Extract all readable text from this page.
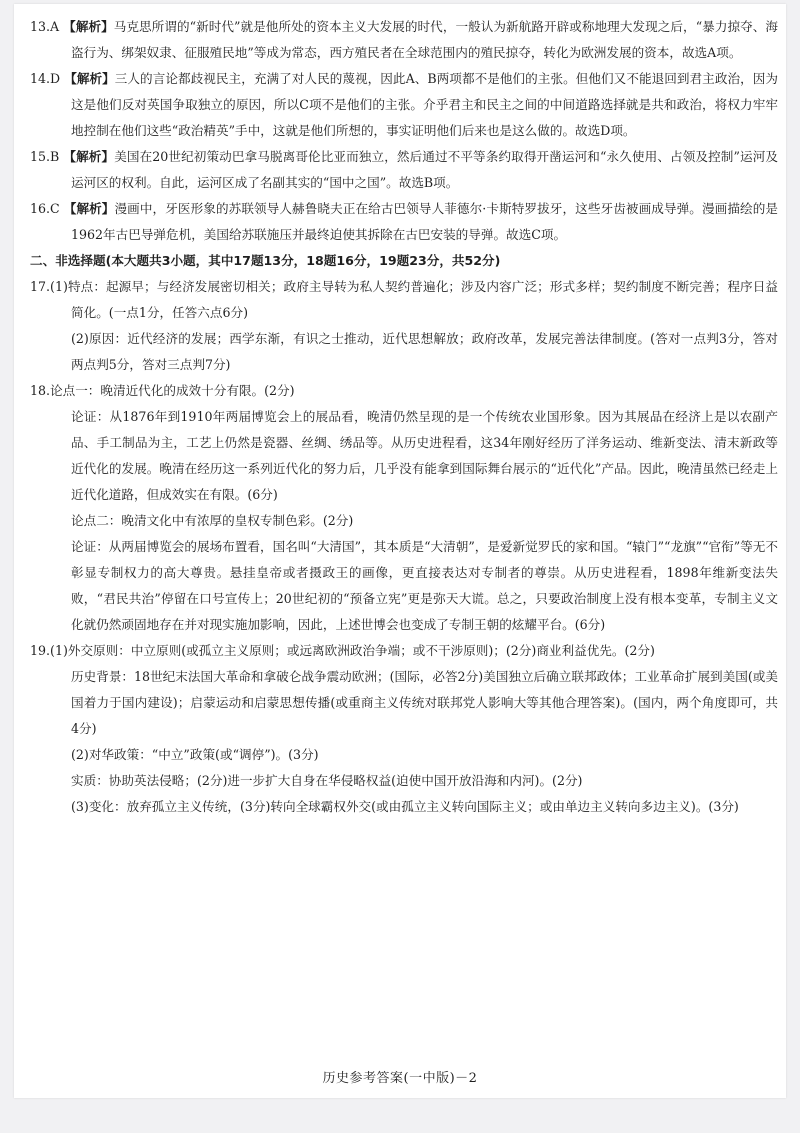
13.A 【解析】马克思所谓的“新时代”就是他所处的资本主义大发展的时代，一般认为新航路开辟或称地理大发现之后，“暴力掠夺、海盗行为、绑架奴隶、征服殖民地”等成为常态，西方殖民者在全球范围内的殖民掠夺，转化为欧洲发展的资本，故选A项。

14.D 【解析】三人的言论都歧视民主，充满了对人民的蔑视，因此A、B两项都不是他们的主张。但他们又不能退回到君主政治，因为这是他们反对英国争取独立的原因，所以C项不是他们的主张。介乎君主和民主之间的中间道路选择就是共和政治，将权力牢牢地控制在他们这些“政治精英”手中，这就是他们所想的，事实证明他们后来也是这么做的。故选D项。

15.B 【解析】美国在20世纪初策动巴拿马脱离哥伦比亚而独立，然后通过不平等条约取得开凿运河和“永久使用、占领及控制”运河及运河区的权利。自此，运河区成了名副其实的“国中之国”。故选B项。

16.C 【解析】漫画中，牙医形象的苏联领导人赫鲁晓夫正在给古巴领导人菲德尔·卡斯特罗拔牙，这些牙齿被画成导弹。漫画描绘的是1962年古巴导弹危机，美国给苏联施压并最终迫使其拆除在古巴安装的导弹。故选C项。

二、非选择题(本大题共3小题，其中17题13分，18题16分，19题23分，共52分)

17.(1)特点：起源早；与经济发展密切相关；政府主导转为私人契约普遍化；涉及内容广泛；形式多样；契约制度不断完善；程序日益简化。(一点1分，任答六点6分)

(2)原因：近代经济的发展；西学东渐，有识之士推动，近代思想解放；政府改革，发展完善法律制度。(答对一点判3分，答对两点判5分，答对三点判7分)

18.论点一：晚清近代化的成效十分有限。(2分)

论证：从1876年到1910年两届博览会上的展品看，晚清仍然呈现的是一个传统农业国形象。因为其展品在经济上是以农副产品、手工制品为主，工艺上仍然是瓷器、丝绸、绣品等。从历史进程看，这34年刚好经历了洋务运动、维新变法、清末新政等近代化的发展。晚清在经历这一系列近代化的努力后，几乎没有能拿到国际舞台展示的“近代化”产品。因此，晚清虽然已经走上近代化道路，但成效实在有限。(6分)

论点二：晚清文化中有浓厚的皇权专制色彩。(2分)

论证：从两届博览会的展场布置看，国名叫“大清国”，其本质是“大清朝”，是爱新觉罗氏的家和国。“辕门”“龙旗”“官衔”等无不彰显专制权力的高大尊贵。悬挂皇帝或者摄政王的画像，更直接表达对专制者的尊崇。从历史进程看，1898年维新变法失败，“君民共治”停留在口号宣传上；20世纪初的“预备立宪”更是弥天大谎。总之，只要政治制度上没有根本变革，专制主义文化就仍然顽固地存在并对现实施加影响，因此，上述世博会也变成了专制王朝的炫耀平台。(6分)

19.(1)外交原则：中立原则(或孤立主义原则；或远离欧洲政治争端；或不干涉原则)；(2分)商业利益优先。(2分)

历史背景：18世纪末法国大革命和拿破仑战争震动欧洲；(国际，必答2分)美国独立后确立联邦政体；工业革命扩展到美国(或美国着力于国内建设)；启蒙运动和启蒙思想传播(或重商主义传统对联邦党人影响大等其他合理答案)。(国内，两个角度即可，共4分)

(2)对华政策：“中立”政策(或“调停”)。(3分)

实质：协助英法侵略；(2分)进一步扩大自身在华侵略权益(迫使中国开放沿海和内河)。(2分)

(3)变化：放弃孤立主义传统，(3分)转向全球霸权外交(或由孤立主义转向国际主义；或由单边主义转向多边主义)。(3分)

历史参考答案(一中版)－2
